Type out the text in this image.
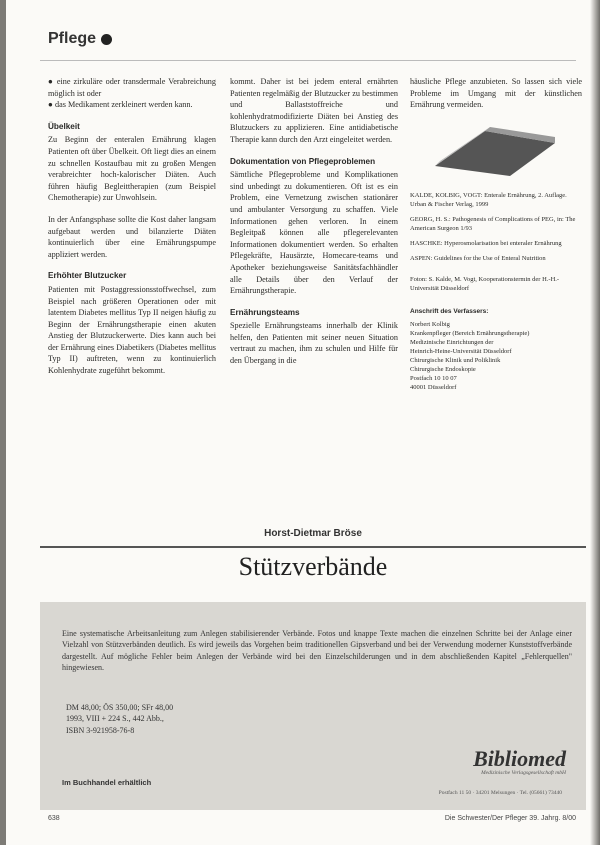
Pflege

● eine zirkuläre oder transdermale Verabreichung möglich ist oder
● das Medikament zerkleinert werden kann.

Übelkeit

Zu Beginn der enteralen Ernährung klagen Patienten oft über Übelkeit. Oft liegt dies an einem zu schnellen Kostaufbau mit zu großen Mengen verabreichter hoch-kalorischer Diäten. Auch führen häufig Begleittherapien (zum Beispiel Chemotherapie) zur Unwohlsein.

In der Anfangsphase sollte die Kost daher langsam aufgebaut werden und bilanzierte Diäten kontinuierlich über eine Ernährungspumpe appliziert werden.

Erhöhter Blutzucker

Patienten mit Postaggressionsstoffwechsel, zum Beispiel nach größeren Operationen oder mit latentem Diabetes mellitus Typ II neigen häufig zu Beginn der Ernährungstherapie einen akuten Anstieg der Blutzuckerwerte. Dies kann auch bei der Ernährung eines Diabetikers (Diabetes mellitus Typ II) auftreten, wenn zu kontinuierlich Kohlenhydrate zugeführt bekommt.

kommt. Daher ist bei jedem enteral ernährten Patienten regelmäßig der Blutzucker zu bestimmen und Ballaststoffreiche und kohlenhydratmodifizierte Diäten bei Anstieg des Blutzuckers zu applizieren. Eine antidiabetische Therapie kann durch den Arzt eingeleitet werden.

Dokumentation von Pflegeproblemen

Sämtliche Pflegeprobleme und Komplikationen sind unbedingt zu dokumentieren. Oft ist es ein Problem, eine Vernetzung zwischen stationärer und ambulanter Versorgung zu schaffen. Viele Informationen gehen verloren. In einem Begleitpaß können alle pflegerelevanten Informationen dokumentiert werden. So erhalten Pflegekräfte, Hausärzte, Homecare-teams und Apotheker beziehungsweise Sanitätsfachhändler alle Details über den Verlauf der Ernährungstherapie.

Ernährungsteams

Spezielle Ernährungsteams innerhalb der Klinik helfen, den Patienten mit seiner neuen Situation vertraut zu machen, ihm zu schulen und Hilfe für den Übergang in die

häusliche Pflege anzubieten. So lassen sich viele Probleme im Umgang mit der künstlichen Ernährung vermeiden.

KALDE, KOLBIG, VOGT: Enterale Ernährung, 2. Auflage. Urban & Fischer Verlag, 1999

GEORG, H. S.: Pathogenesis of Complications of PEG, in: The American Surgeon 1/93

HASCHKE: Hyperosmolarisation bei enteraler Ernährung

ASPEN: Guidelines for the Use of Enteral Nutrition

Foton: S. Kalde, M. Vogt, Kooperationstermin der H.-H.-Universität Düsseldorf

Anschrift des Verfassers:
Norbert Kolbig
Krankenpfleger (Bereich Ernährungstherapie)
Medizinische Einrichtungen der
Heinrich-Heine-Universität Düsseldorf
Chirurgische Klinik und Poliklinik
Chirurgische Endoskopie
Postfach 10 10 07
40001 Düsseldorf
Horst-Dietmar Bröse
Stützverbände
Eine systematische Arbeitsanleitung zum Anlegen stabilisierender Verbände. Fotos und knappe Texte machen die einzelnen Schritte bei der Anlage einer Vielzahl von Stützverbänden deutlich. Es wird jeweils das Vorgehen beim traditionellen Gipsverband und bei der Verwendung moderner Kunststoffverbände dargestellt. Auf mögliche Fehler beim Anlegen der Verbände wird bei den Einzelschilderungen und in dem abschließenden Kapitel „Fehlerquellen" hingewiesen.
DM 48,00; ÖS 350,00; SFr 48,00
1993, VIII + 224 S., 442 Abb.,
ISBN 3-921958-76-8
Bibliomed
Medizinische Verlagsgesellschaft mbH
Im Buchhandel erhältlich
Postfach 11 50 · 34201 Melsungen · Tel. (05661) 73440
638	Die Schwester/Der Pfleger 39. Jahrg. 8/00
